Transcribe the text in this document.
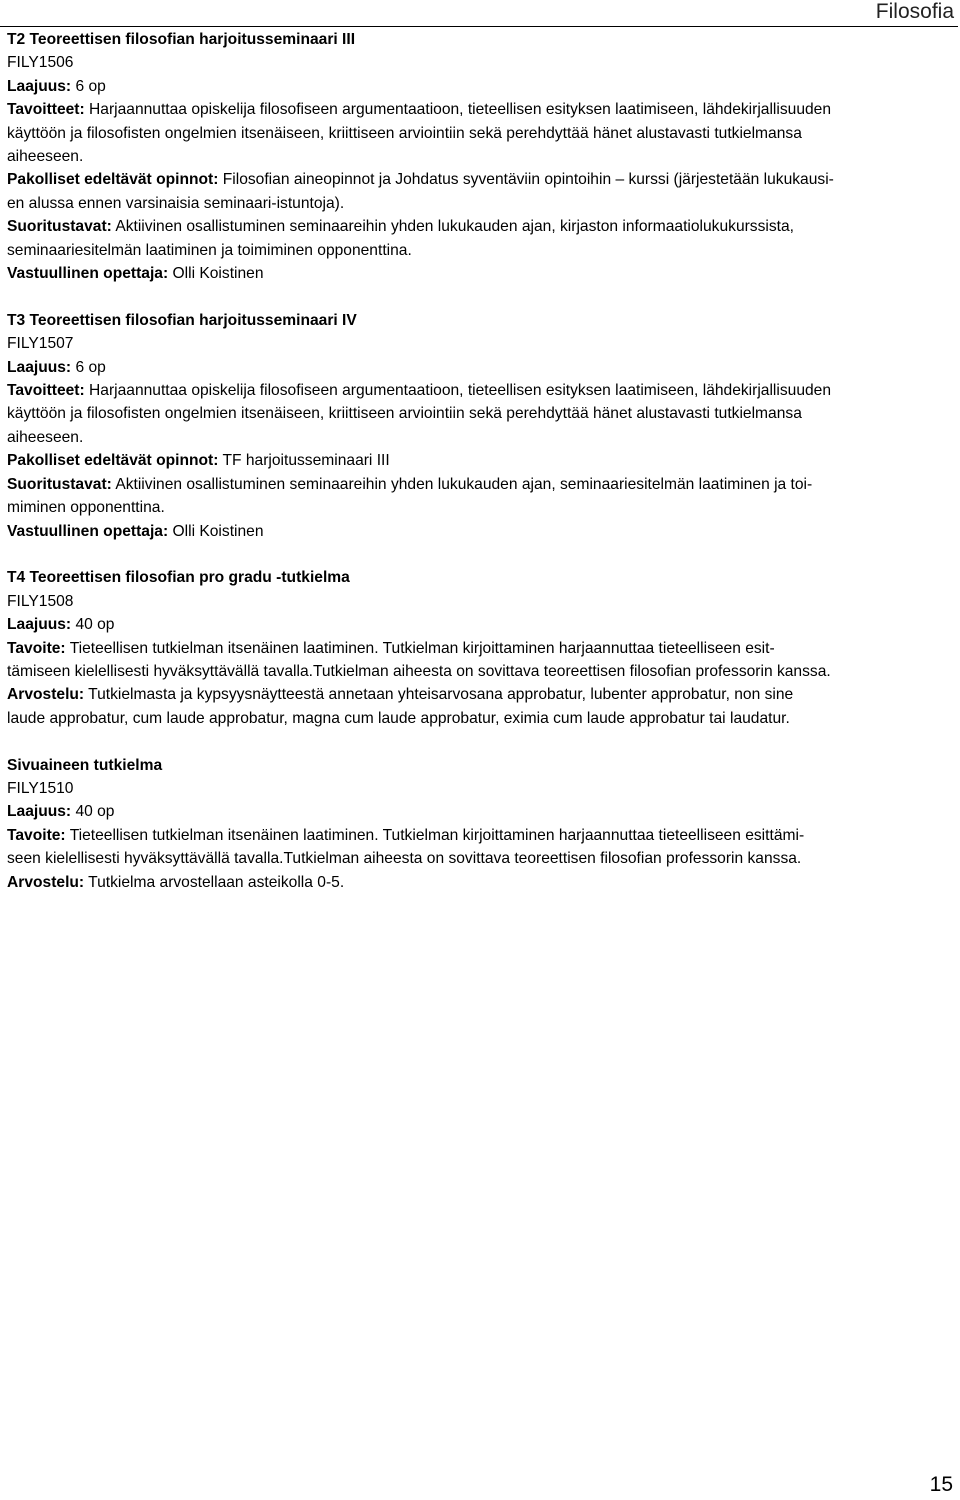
Filosofia

T2 Teoreettisen filosofian harjoitusseminaari III

FILY1506

Laajuus: 6 op

Tavoitteet: Harjaannuttaa opiskelija filosofiseen argumentaatioon, tieteellisen esityksen laatimiseen, lähdekirjallisuuden

käyttöön ja filosofisten ongelmien itsenäiseen, kriittiseen arviointiin sekä perehdyttää hänet alustavasti tutkielmansa

aiheeseen.

Pakolliset edeltävät opinnot: Filosofian aineopinnot ja Johdatus syventäviin opintoihin – kurssi (järjestetään lukukausi-

en alussa ennen varsinaisia seminaari-istuntoja).

Suoritustavat: Aktiivinen osallistuminen seminaareihin yhden lukukauden ajan, kirjaston informaatiolukukurssista,

seminaariesitelmän laatiminen ja toimiminen opponenttina.

Vastuullinen opettaja: Olli Koistinen

T3 Teoreettisen filosofian harjoitusseminaari IV

FILY1507

Laajuus: 6 op

Tavoitteet: Harjaannuttaa opiskelija filosofiseen argumentaatioon, tieteellisen esityksen laatimiseen, lähdekirjallisuuden

käyttöön ja filosofisten ongelmien itsenäiseen, kriittiseen arviointiin sekä perehdyttää hänet alustavasti tutkielmansa

aiheeseen.

Pakolliset edeltävät opinnot: TF harjoitusseminaari III

Suoritustavat: Aktiivinen osallistuminen seminaareihin yhden lukukauden ajan, seminaariesitelmän laatiminen ja toi-

miminen opponenttina.

Vastuullinen opettaja: Olli Koistinen

T4 Teoreettisen filosofian pro gradu -tutkielma

FILY1508

Laajuus: 40 op

Tavoite: Tieteellisen tutkielman itsenäinen laatiminen. Tutkielman kirjoittaminen harjaannuttaa tieteelliseen esit-

tämiseen kielellisesti hyväksyttävällä tavalla.Tutkielman aiheesta on sovittava teoreettisen filosofian professorin kanssa.

Arvostelu: Tutkielmasta ja kypsyysnäytteestä annetaan yhteisarvosana approbatur, lubenter approbatur, non sine

laude approbatur, cum laude approbatur, magna cum laude approbatur, eximia cum laude approbatur tai laudatur.

Sivuaineen tutkielma

FILY1510

Laajuus: 40 op

Tavoite: Tieteellisen tutkielman itsenäinen laatiminen. Tutkielman kirjoittaminen harjaannuttaa tieteelliseen esittämi-

seen kielellisesti hyväksyttävällä tavalla.Tutkielman aiheesta on sovittava teoreettisen filosofian professorin kanssa.

Arvostelu: Tutkielma arvostellaan asteikolla 0-5.

15
